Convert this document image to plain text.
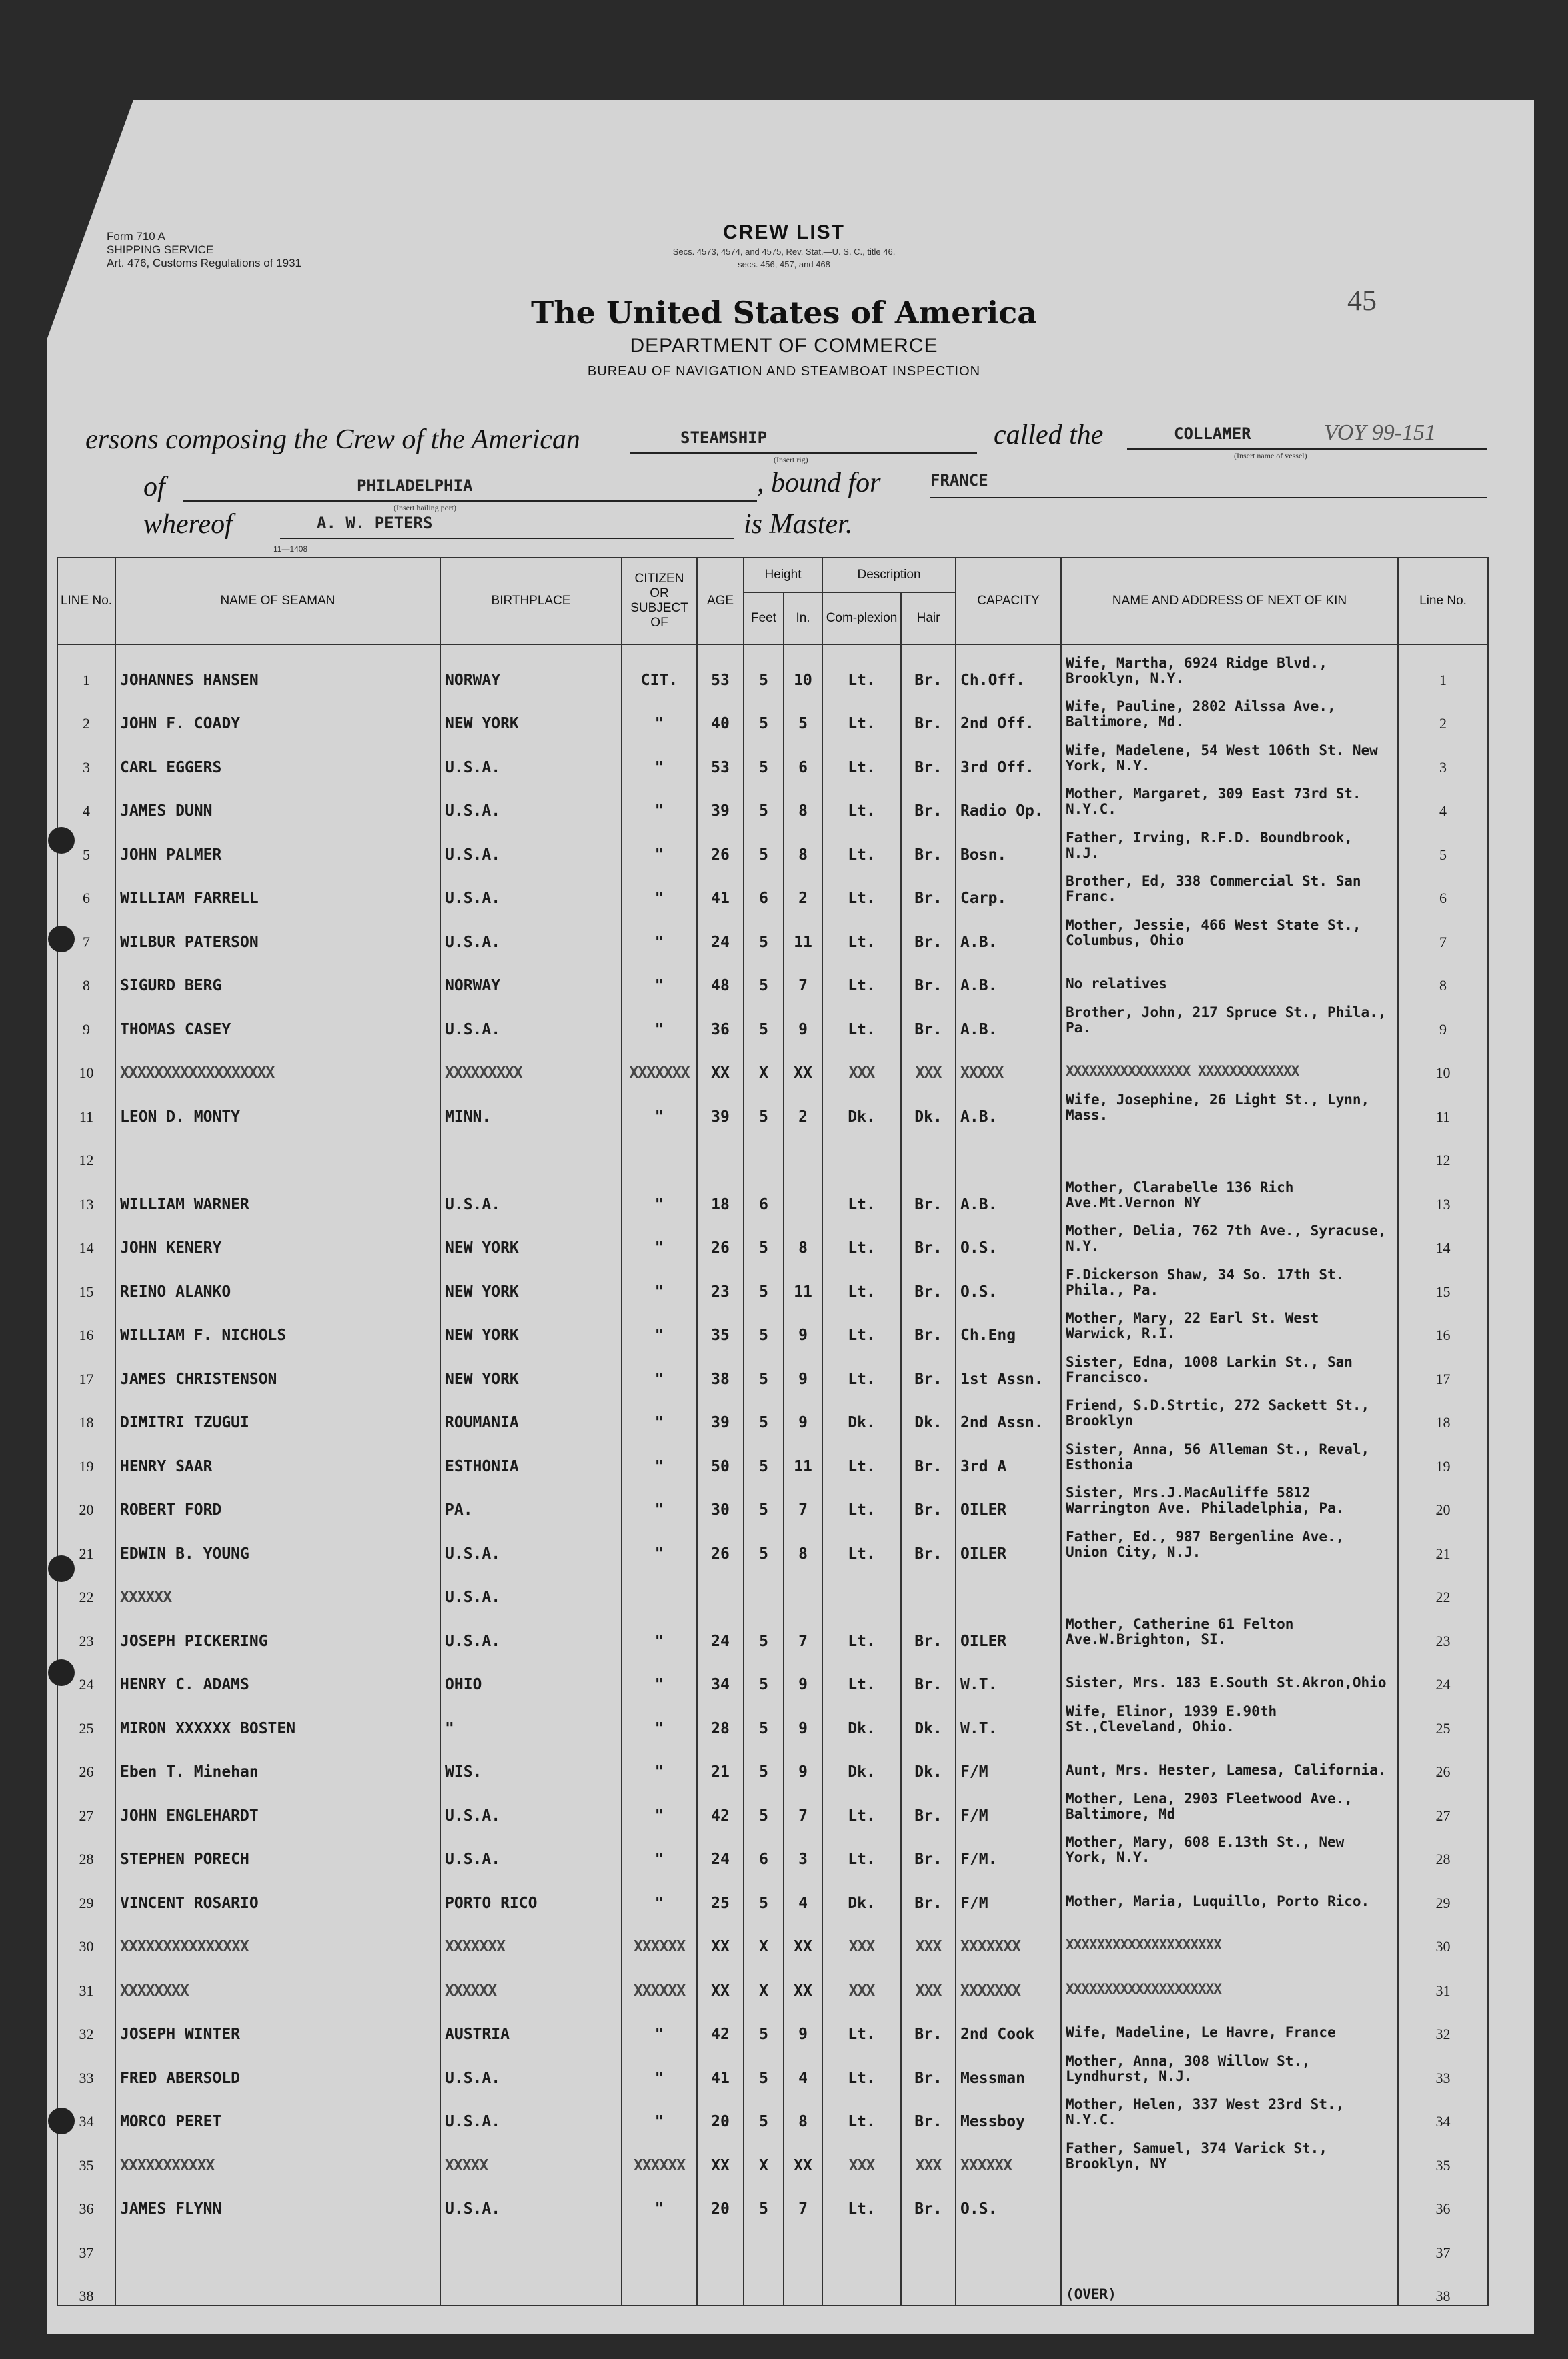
Form 710 A
SHIPPING SERVICE
Art. 476, Customs Regulations of 1931
45
CREW LIST
Secs. 4573, 4574, and 4575, Rev. Stat.—U. S. C., title 46,
secs. 456, 457, and 468
The United States of America
DEPARTMENT OF COMMERCE
BUREAU OF NAVIGATION AND STEAMBOAT INSPECTION
ersons composing the Crew of the American	STEAMSHIP
(Insert rig)
called the	COLLAMER
(Insert name of vessel)
VOY 99-151
of	PHILADELPHIA
(Insert hailing port)
, bound for	FRANCE
whereof	A. W. PETERS	is Master.
11—1408
LINE No.	NAME OF SEAMAN	BIRTHPLACE	CITIZEN OR SUBJECT OF	AGE	Height		Description		CAPACITY	NAME AND ADDRESS OF NEXT OF KIN	Line No.
					Feet	In.	Com-plexion	Hair			
1	JOHANNES HANSEN	NORWAY	CIT.	53	5	10	Lt.	Br.	Ch.Off.	Wife, Martha, 6924 Ridge Blvd., Brooklyn, N.Y.	1
2	JOHN F. COADY	NEW YORK	"	40	5	5	Lt.	Br.	2nd Off.	Wife, Pauline, 2802 Ailssa Ave., Baltimore, Md.	2
3	CARL EGGERS	U.S.A.	"	53	5	6	Lt.	Br.	3rd Off.	Wife, Madelene, 54 West 106th St. New York, N.Y.	3
4	JAMES DUNN	U.S.A.	"	39	5	8	Lt.	Br.	Radio Op.	Mother, Margaret, 309 East 73rd St. N.Y.C.	4
5	JOHN PALMER	U.S.A.	"	26	5	8	Lt.	Br.	Bosn.	Father, Irving, R.F.D. Boundbrook, N.J.	5
6	WILLIAM FARRELL	U.S.A.	"	41	6	2	Lt.	Br.	Carp.	Brother, Ed, 338 Commercial St. San Franc.	6
7	WILBUR PATERSON	U.S.A.	"	24	5	11	Lt.	Br.	A.B.	Mother, Jessie, 466 West State St., Columbus, Ohio	7
8	SIGURD BERG	NORWAY	"	48	5	7	Lt.	Br.	A.B.	No relatives	8
9	THOMAS CASEY	U.S.A.	"	36	5	9	Lt.	Br.	A.B.	Brother, John, 217 Spruce St., Phila., Pa.	9
10	XXXXXXXXXXXXXXXXXX	XXXXXXXXX	XXXXXXX	XX	X	XX	XXX	XXX	XXXXX	XXXXXXXXXXXXXXXX XXXXXXXXXXXXX	10
11	LEON D. MONTY	MINN.	"	39	5	2	Dk.	Dk.	A.B.	Wife, Josephine, 26 Light St., Lynn, Mass.	11
12											12
13	WILLIAM WARNER	U.S.A.	"	18	6		Lt.	Br.	A.B.	Mother, Clarabelle 136 Rich Ave.Mt.Vernon NY	13
14	JOHN KENERY	NEW YORK	"	26	5	8	Lt.	Br.	O.S.	Mother, Delia, 762 7th Ave., Syracuse, N.Y.	14
15	REINO ALANKO	NEW YORK	"	23	5	11	Lt.	Br.	O.S.	F.Dickerson Shaw, 34 So. 17th St. Phila., Pa.	15
16	WILLIAM F. NICHOLS	NEW YORK	"	35	5	9	Lt.	Br.	Ch.Eng	Mother, Mary, 22 Earl St. West Warwick, R.I.	16
17	JAMES CHRISTENSON	NEW YORK	"	38	5	9	Lt.	Br.	1st Assn.	Sister, Edna, 1008 Larkin St., San Francisco.	17
18	DIMITRI TZUGUI	ROUMANIA	"	39	5	9	Dk.	Dk.	2nd Assn.	Friend, S.D.Strtic, 272 Sackett St., Brooklyn	18
19	HENRY SAAR	ESTHONIA	"	50	5	11	Lt.	Br.	3rd A	Sister, Anna, 56 Alleman St., Reval, Esthonia	19
20	ROBERT FORD	PA.	"	30	5	7	Lt.	Br.	OILER	Sister, Mrs.J.MacAuliffe 5812 Warrington Ave. Philadelphia, Pa.	20
21	EDWIN B. YOUNG	U.S.A.	"	26	5	8	Lt.	Br.	OILER	Father, Ed., 987 Bergenline Ave., Union City, N.J.	21
22	XXXXXX	U.S.A.									22
23	JOSEPH PICKERING	U.S.A.	"	24	5	7	Lt.	Br.	OILER	Mother, Catherine 61 Felton Ave.W.Brighton, SI.	23
24	HENRY C. ADAMS	OHIO	"	34	5	9	Lt.	Br.	W.T.	Sister, Mrs. 183 E.South St.Akron,Ohio	24
25	MIRON XXXXXX BOSTEN	"	"	28	5	9	Dk.	Dk.	W.T.	Wife, Elinor, 1939 E.90th St.,Cleveland, Ohio.	25
26	Eben T. Minehan	WIS.	"	21	5	9	Dk.	Dk.	F/M	Aunt, Mrs. Hester, Lamesa, California.	26
27	JOHN ENGLEHARDT	U.S.A.	"	42	5	7	Lt.	Br.	F/M	Mother, Lena, 2903 Fleetwood Ave., Baltimore, Md	27
28	STEPHEN PORECH	U.S.A.	"	24	6	3	Lt.	Br.	F/M.	Mother, Mary, 608 E.13th St., New York, N.Y.	28
29	VINCENT ROSARIO	PORTO RICO	"	25	5	4	Dk.	Br.	F/M	Mother, Maria, Luquillo, Porto Rico.	29
30	XXXXXXXXXXXXXXX	XXXXXXX	XXXXXX	XX	X	XX	XXX	XXX	XXXXXXX	XXXXXXXXXXXXXXXXXXXX	30
31	XXXXXXXX	XXXXXX	XXXXXX	XX	X	XX	XXX	XXX	XXXXXXX	XXXXXXXXXXXXXXXXXXXX	31
32	JOSEPH WINTER	AUSTRIA	"	42	5	9	Lt.	Br.	2nd Cook	Wife, Madeline, Le Havre, France	32
33	FRED ABERSOLD	U.S.A.	"	41	5	4	Lt.	Br.	Messman	Mother, Anna, 308 Willow St., Lyndhurst, N.J.	33
34	MORCO PERET	U.S.A.	"	20	5	8	Lt.	Br.	Messboy	Mother, Helen, 337 West 23rd St., N.Y.C.	34
35	XXXXXXXXXXX	XXXXX	XXXXXX	XX	X	XX	XXX	XXX	XXXXXX	Father, Samuel, 374 Varick St., Brooklyn, NY	35
36	JAMES FLYNN	U.S.A.	"	20	5	7	Lt.	Br.	O.S.		36
37											37
38										(OVER)	38
